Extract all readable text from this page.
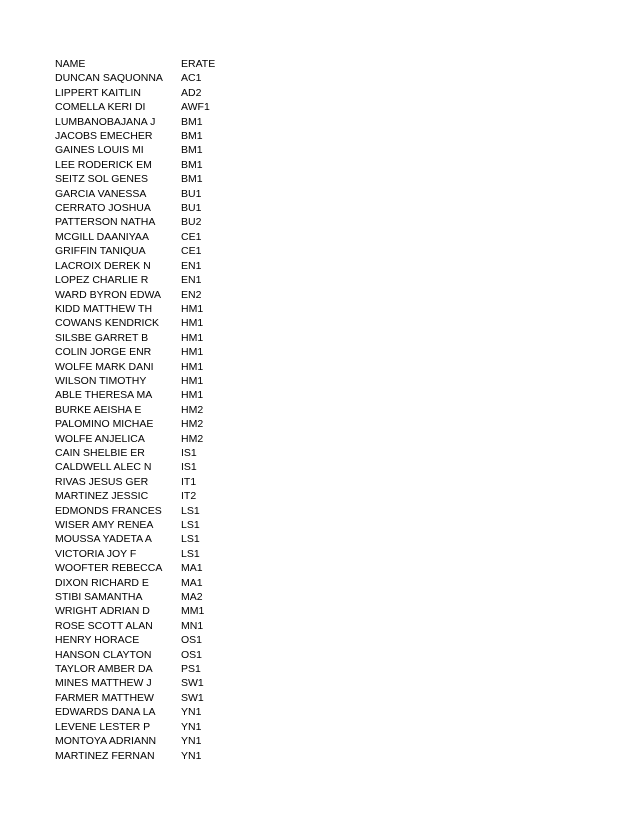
NAME	ERATE
DUNCAN SAQUONNA	AC1
LIPPERT KAITLIN	AD2
COMELLA KERI DI	AWF1
LUMBANOBAJANA J	BM1
JACOBS EMECHER	BM1
GAINES LOUIS MI	BM1
LEE RODERICK EM	BM1
SEITZ SOL GENES	BM1
GARCIA VANESSA	BU1
CERRATO JOSHUA	BU1
PATTERSON NATHA	BU2
MCGILL DAANIYAA	CE1
GRIFFIN TANIQUA	CE1
LACROIX DEREK N	EN1
LOPEZ CHARLIE R	EN1
WARD BYRON EDWA	EN2
KIDD MATTHEW TH	HM1
COWANS KENDRICK	HM1
SILSBE GARRET B	HM1
COLIN JORGE ENR	HM1
WOLFE MARK DANI	HM1
WILSON TIMOTHY	HM1
ABLE THERESA MA	HM1
BURKE AEISHA E	HM2
PALOMINO MICHAE	HM2
WOLFE ANJELICA	HM2
CAIN SHELBIE ER	IS1
CALDWELL ALEC N	IS1
RIVAS JESUS GER	IT1
MARTINEZ JESSIC	IT2
EDMONDS FRANCES	LS1
WISER AMY RENEA	LS1
MOUSSA YADETA A	LS1
VICTORIA JOY F	LS1
WOOFTER REBECCA	MA1
DIXON RICHARD E	MA1
STIBI SAMANTHA	MA2
WRIGHT ADRIAN D	MM1
ROSE SCOTT ALAN	MN1
HENRY HORACE	OS1
HANSON CLAYTON	OS1
TAYLOR AMBER DA	PS1
MINES MATTHEW J	SW1
FARMER MATTHEW	SW1
EDWARDS DANA LA	YN1
LEVENE LESTER P	YN1
MONTOYA ADRIANN	YN1
MARTINEZ FERNAN	YN1
